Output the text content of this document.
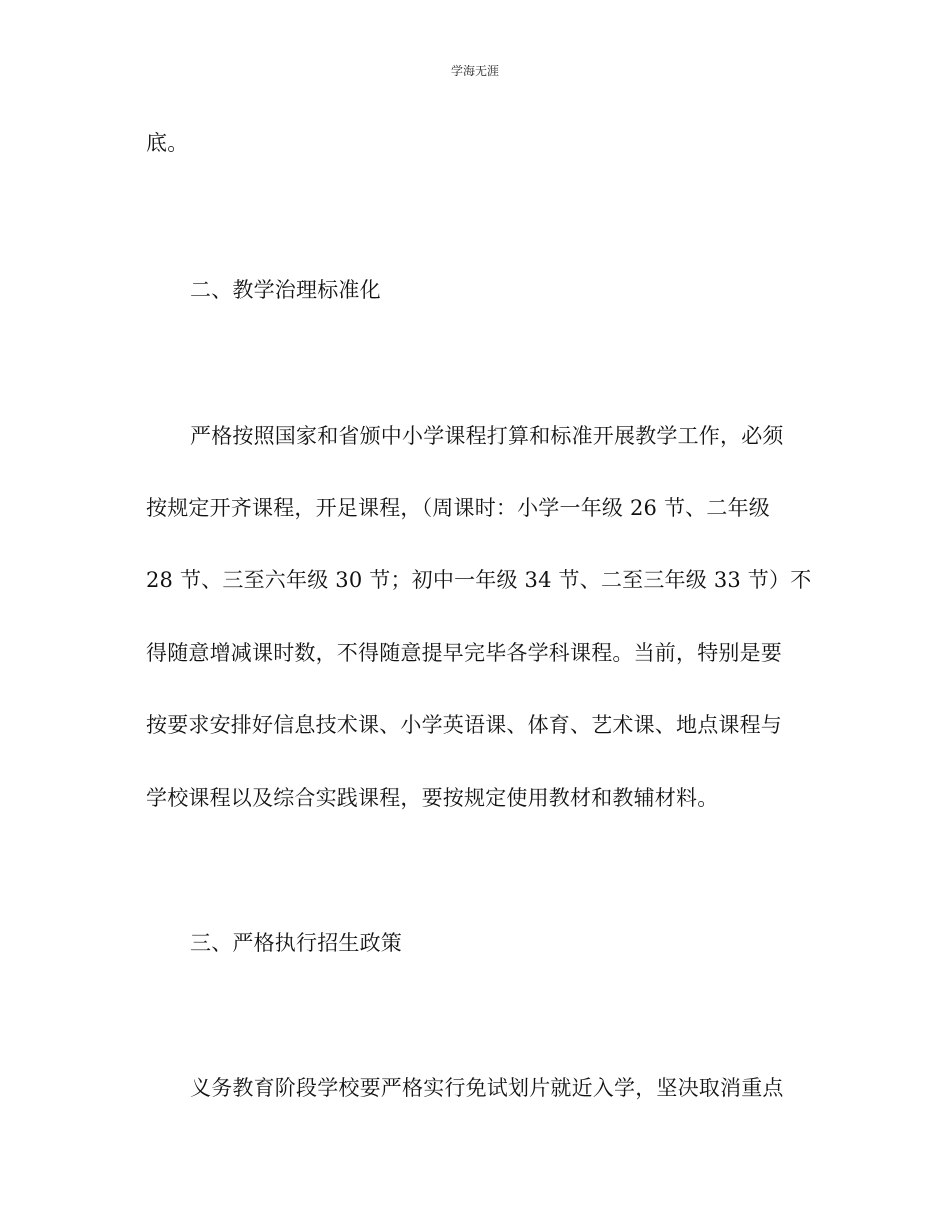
学海无涯
底。
二、教学治理标准化
严格按照国家和省颁中小学课程打算和标准开展教学工作，必须
按规定开齐课程，开足课程，（周课时：小学一年级 26 节、二年级
28 节、三至六年级 30 节；初中一年级 34 节、二至三年级 33 节）不
得随意增减课时数，不得随意提早完毕各学科课程。当前，特别是要
按要求安排好信息技术课、小学英语课、体育、艺术课、地点课程与
学校课程以及综合实践课程，要按规定使用教材和教辅材料。
三、严格执行招生政策
义务教育阶段学校要严格实行免试划片就近入学，坚决取消重点
